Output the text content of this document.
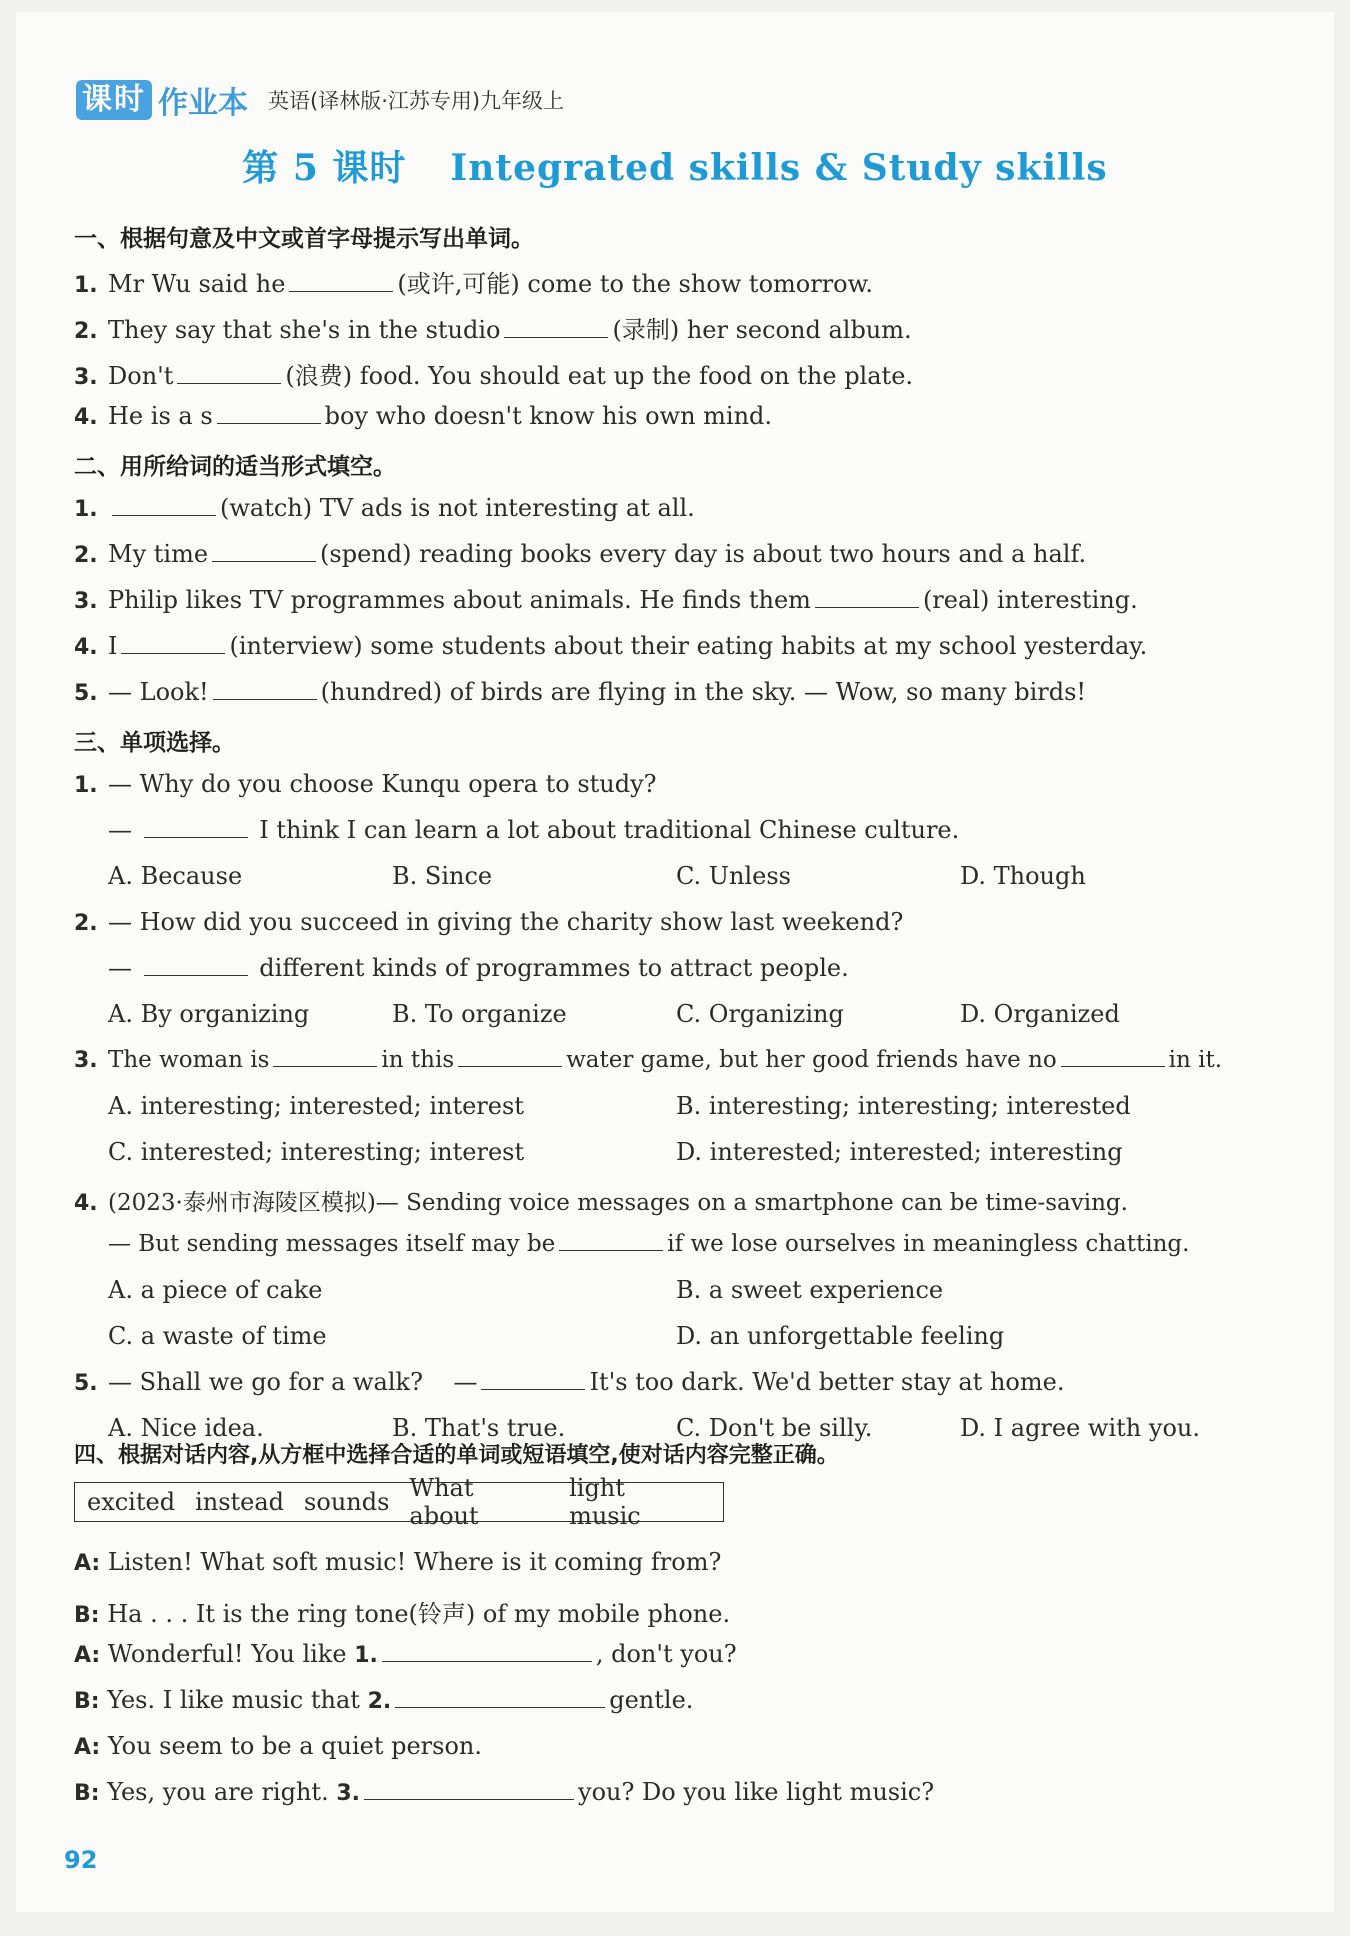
课时 作业本 英语(译林版·江苏专用)九年级上
第 5 课时 Integrated skills & Study skills
一、根据句意及中文或首字母提示写出单词。
1. Mr Wu said he	(或许,可能) come to the show tomorrow.
2. They say that she's in the studio	(录制) her second album.
3. Don't	(浪费) food. You should eat up the food on the plate.
4. He is a s	boy who doesn't know his own mind.
二、用所给词的适当形式填空。
1.	(watch) TV ads is not interesting at all.
2. My time	(spend) reading books every day is about two hours and a half.
3. Philip likes TV programmes about animals. He finds them	(real) interesting.
4. I	(interview) some students about their eating habits at my school yesterday.
5. — Look!	(hundred) of birds are flying in the sky. — Wow, so many birds!
三、单项选择。
1. — Why do you choose Kunqu opera to study?
—	I think I can learn a lot about traditional Chinese culture.
A. Because	B. Since	C. Unless	D. Though
2. — How did you succeed in giving the charity show last weekend?
—	different kinds of programmes to attract people.
A. By organizing	B. To organize	C. Organizing	D. Organized
3. The woman is	in this	water game, but her good friends have no	in it.
A. interesting; interested; interest	B. interesting; interesting; interested
C. interested; interesting; interest	D. interested; interested; interesting
4. (2023·泰州市海陵区模拟)— Sending voice messages on a smartphone can be time-saving.
— But sending messages itself may be	if we lose ourselves in meaningless chatting.
A. a piece of cake	B. a sweet experience
C. a waste of time	D. an unforgettable feeling
5. — Shall we go for a walk? —	It's too dark. We'd better stay at home.
A. Nice idea.	B. That's true.	C. Don't be silly.	D. I agree with you.
四、根据对话内容,从方框中选择合适的单词或短语填空,使对话内容完整正确。
excited instead sounds What about
light music
A: Listen! What soft music! Where is it coming from?
B: Ha . . . It is the ring tone(铃声) of my mobile phone.
A: Wonderful! You like 1.	, don't you?
B: Yes. I like music that 2.	gentle.
A: You seem to be a quiet person.
B: Yes, you are right. 3.	you? Do you like light music?
92
